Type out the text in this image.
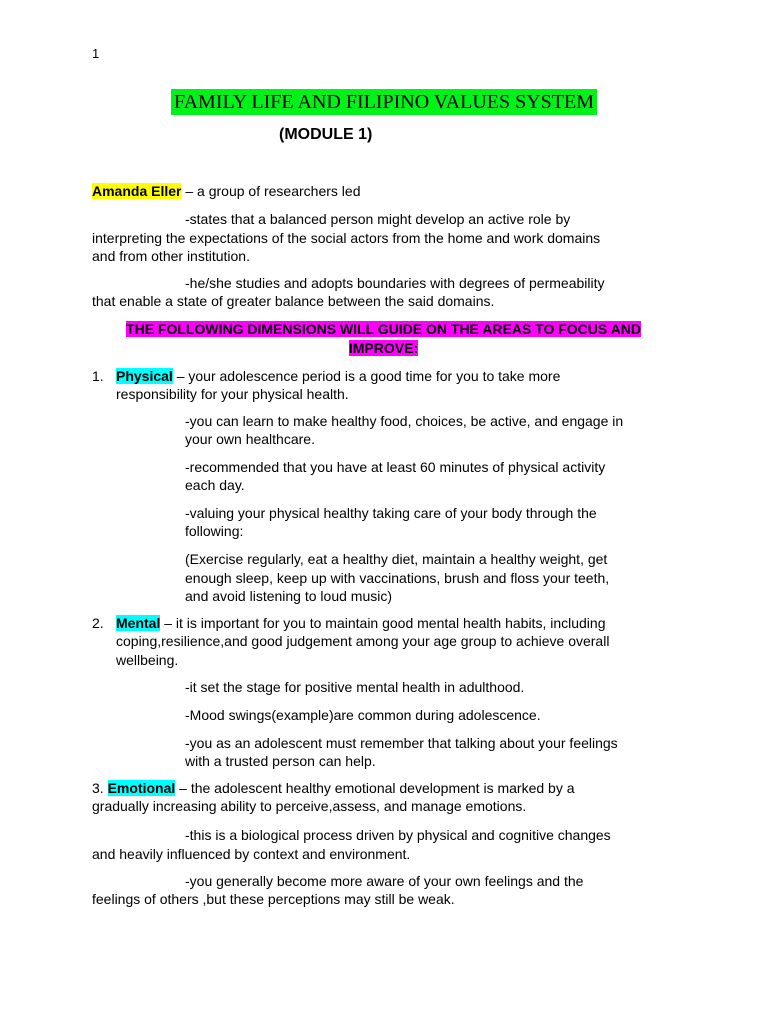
1
FAMILY LIFE AND FILIPINO VALUES SYSTEM
(MODULE 1)
Amanda Eller – a group of researchers led
-states that a balanced person might develop an active role by
interpreting the expectations of the social actors from the home and work domains
and from other institution.
-he/she studies and adopts boundaries with degrees of permeability
that enable a state of greater balance between the said domains.
THE FOLLOWING DIMENSIONS WILL GUIDE ON THE AREAS TO FOCUS AND
IMPROVE:
1. Physical – your adolescence period is a good time for you to take more
responsibility for your physical health.
-you can learn to make healthy food, choices, be active, and engage in
your own healthcare.
-recommended that you have at least 60 minutes of physical activity
each day.
-valuing your physical healthy taking care of your body through the
following:
(Exercise regularly, eat a healthy diet, maintain a healthy weight, get
enough sleep, keep up with vaccinations, brush and floss your teeth,
and avoid listening to loud music)
2. Mental – it is important for you to maintain good mental health habits, including
coping,resilience,and good judgement among your age group to achieve overall
wellbeing.
-it set the stage for positive mental health in adulthood.
-Mood swings(example)are common during adolescence.
-you as an adolescent must remember that talking about your feelings
with a trusted person can help.
3. Emotional – the adolescent healthy emotional development is marked by a
gradually increasing ability to perceive,assess, and manage emotions.
-this is a biological process driven by physical and cognitive changes
and heavily influenced by context and environment.
-you generally become more aware of your own feelings and the
feelings of others ,but these perceptions may still be weak.
